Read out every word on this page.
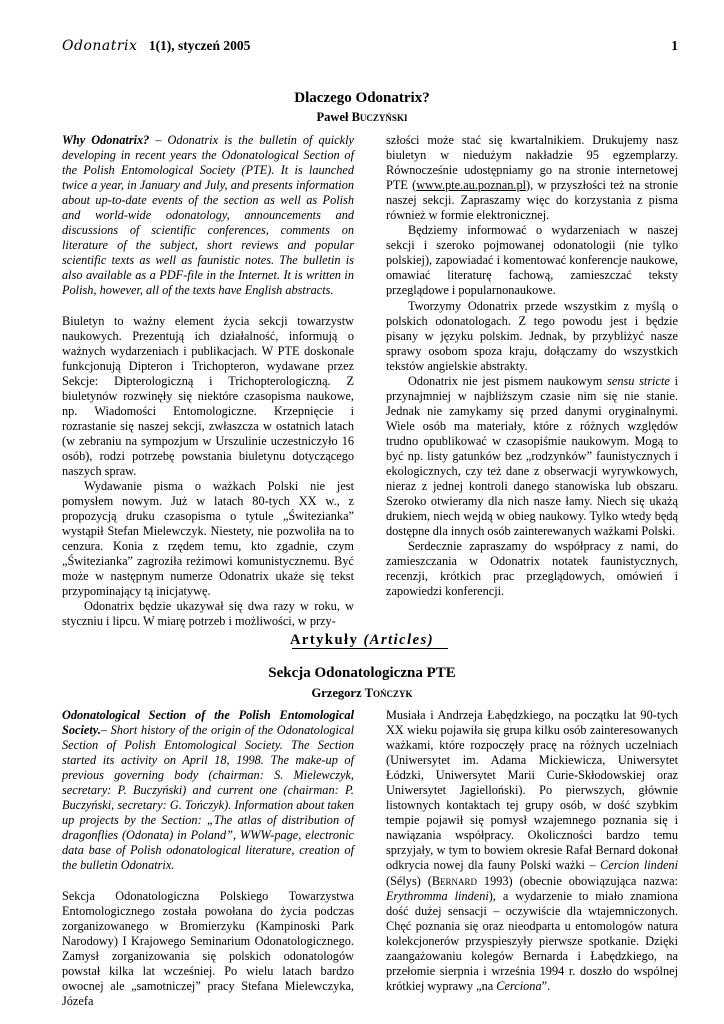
Odonatrix 1(1), styczeń 2005	1
Dlaczego Odonatrix?
Paweł Buczyński

Why Odonatrix? – Odonatrix is the bulletin of quickly developing in recent years the Odonatological Section of the Polish Entomological Society (PTE). It is launched twice a year, in January and July, and presents information about up-to-date events of the section as well as Polish and world-wide odonatology, announcements and discussions of scientific conferences, comments on literature of the subject, short reviews and popular scientific texts as well as faunistic notes. The bulletin is also available as a PDF-file in the Internet. It is written in Polish, however, all of the texts have English abstracts.

Biuletyn to ważny element życia sekcji towarzystw naukowych. Prezentują ich działalność, informują o ważnych wydarzeniach i publikacjach. W PTE doskonale funkcjonują Dipteron i Trichopteron, wydawane przez Sekcje: Dipterologiczną i Trichopterologiczną. Z biuletynów rozwinęły się niektóre czasopisma naukowe, np. Wiadomości Entomologiczne. Krzepnięcie i rozrastanie się naszej sekcji, zwłaszcza w ostatnich latach (w zebraniu na sympozjum w Urszulinie uczestniczyło 16 osób), rodzi potrzebę powstania biuletynu dotyczącego naszych spraw.

Wydawanie pisma o ważkach Polski nie jest pomysłem nowym. Już w latach 80-tych XX w., z propozycją druku czasopisma o tytule „Świtezianka” wystąpił Stefan Mielewczyk. Niestety, nie pozwoliła na to cenzura. Konia z rzędem temu, kto zgadnie, czym „Świtezianka” zagroziła reżimowi komunistycznemu. Być może w następnym numerze Odonatrix ukaże się tekst przypominający tą inicjatywę.

Odonatrix będzie ukazywał się dwa razy w roku, w styczniu i lipcu. W miarę potrzeb i możliwości, w przy-

szłości może stać się kwartalnikiem. Drukujemy nasz biuletyn w niedużym nakładzie 95 egzemplarzy. Równocześnie udostępniamy go na stronie internetowej PTE (www.pte.au.poznan.pl), w przyszłości też na stronie naszej sekcji. Zapraszamy więc do korzystania z pisma również w formie elektronicznej.

Będziemy informować o wydarzeniach w naszej sekcji i szeroko pojmowanej odonatologii (nie tylko polskiej), zapowiadać i komentować konferencje naukowe, omawiać literaturę fachową, zamieszczać teksty przeglądowe i popularnonaukowe.

Tworzymy Odonatrix przede wszystkim z myślą o polskich odonatologach. Z tego powodu jest i będzie pisany w języku polskim. Jednak, by przybliżyć nasze sprawy osobom spoza kraju, dołączamy do wszystkich tekstów angielskie abstrakty.

Odonatrix nie jest pismem naukowym sensu stricte i przynajmniej w najbliższym czasie nim się nie stanie. Jednak nie zamykamy się przed danymi oryginalnymi. Wiele osób ma materiały, które z różnych względów trudno opublikować w czasopiśmie naukowym. Mogą to być np. listy gatunków bez „rodzynków” faunistycznych i ekologicznych, czy też dane z obserwacji wyrywkowych, nieraz z jednej kontroli danego stanowiska lub obszaru. Szeroko otwieramy dla nich nasze łamy. Niech się ukażą drukiem, niech wejdą w obieg naukowy. Tylko wtedy będą dostępne dla innych osób zainterewanych ważkami Polski.

Serdecznie zapraszamy do współpracy z nami, do zamieszczania w Odonatrix notatek faunistycznych, recenzji, krótkich prac przeglądowych, omówień i zapowiedzi konferencji.

Artykuły (Articles)
Sekcja Odonatologiczna PTE
Grzegorz Tończyk

Odonatological Section of the Polish Entomological Society.– Short history of the origin of the Odonatological Section of Polish Entomological Society. The Section started its activity on April 18, 1998. The make-up of previous governing body (chairman: S. Mielewczyk, secretary: P. Buczyński) and current one (chairman: P. Buczyński, secretary: G. Tończyk). Information about taken up projects by the Section: „The atlas of distribution of dragonflies (Odonata) in Poland”, WWW-page, electronic data base of Polish odonatological literature, creation of the bulletin Odonatrix.

Sekcja Odonatologiczna Polskiego Towarzystwa Entomologicznego została powołana do życia podczas zorganizowanego w Bromierzyku (Kampinoski Park Narodowy) I Krajowego Seminarium Odonatologicznego. Zamysł zorganizowania się polskich odonatologów powstał kilka lat wcześniej. Po wielu latach bardzo owocnej ale „samotniczej” pracy Stefana Mielewczyka, Józefa

Musiała i Andrzeja Łabędzkiego, na początku lat 90-tych XX wieku pojawiła się grupa kilku osób zainteresowanych ważkami, które rozpoczęły pracę na różnych uczelniach (Uniwersytet im. Adama Mickiewicza, Uniwersytet Łódzki, Uniwersytet Marii Curie-Skłodowskiej oraz Uniwersytet Jagielloński). Po pierwszych, głównie listownych kontaktach tej grupy osób, w dość szybkim tempie pojawił się pomysł wzajemnego poznania się i nawiązania współpracy. Okoliczności bardzo temu sprzyjały, w tym to bowiem okresie Rafał Bernard dokonał odkrycia nowej dla fauny Polski ważki – Cercion lindeni (Sélys) (Bernard 1993) (obecnie obowiązująca nazwa: Erythromma lindeni), a wydarzenie to miało znamiona dość dużej sensacji – oczywiście dla wtajemniczonych. Chęć poznania się oraz nieodparta u entomologów natura kolekcjonerów przyspieszyły pierwsze spotkanie. Dzięki zaangażowaniu kolegów Bernarda i Łabędzkiego, na przełomie sierpnia i września 1994 r. doszło do wspólnej krótkiej wyprawy „na Cerciona”.
